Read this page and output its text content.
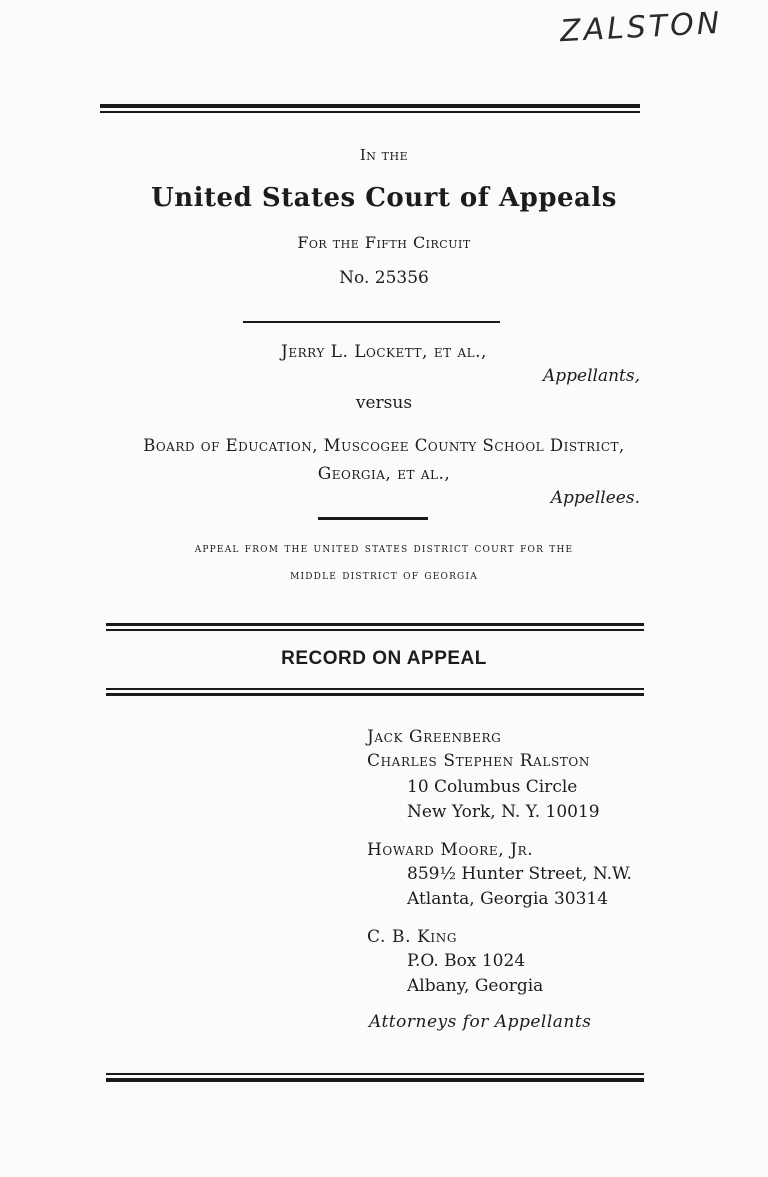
ZALSTON
In the
United States Court of Appeals
For the Fifth Circuit
No. 25356
Jerry L. Lockett, et al.,
Appellants,
versus
Board of Education, Muscogee County School District,
Georgia, et al.,
Appellees.
appeal from the united states district court for the
middle district of georgia
RECORD ON APPEAL
Jack Greenberg
Charles Stephen Ralston
10 Columbus Circle
New York, N. Y. 10019
Howard Moore, Jr.
859½ Hunter Street, N.W.
Atlanta, Georgia 30314
C. B. King
P.O. Box 1024
Albany, Georgia
Attorneys for Appellants
